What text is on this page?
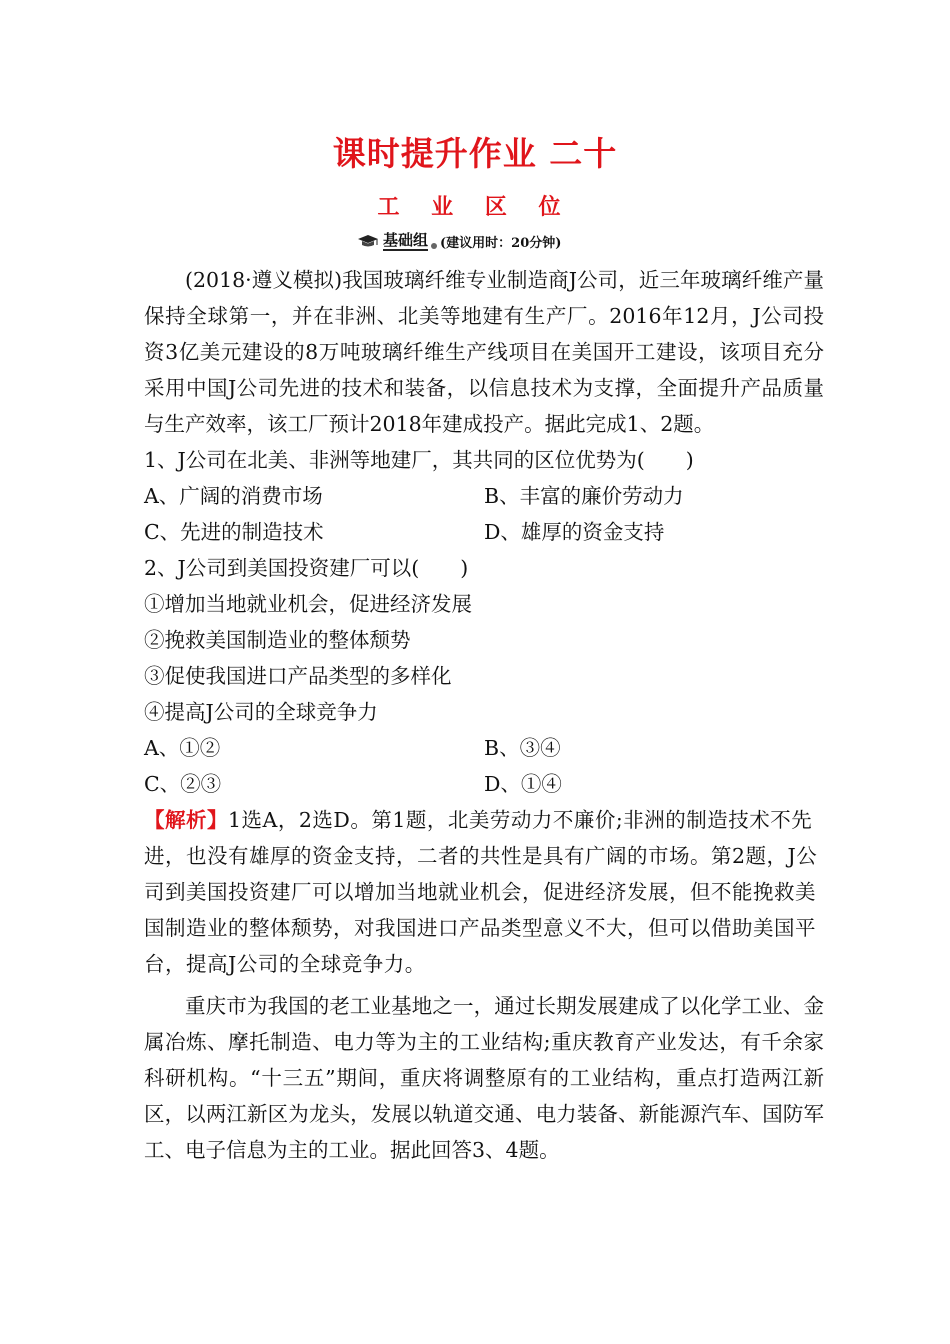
课时提升作业 二十
工 业 区 位
基础组 (建议用时：20分钟)

(2018·遵义模拟)我国玻璃纤维专业制造商J公司，近三年玻璃纤维产量保持全球第一，并在非洲、北美等地建有生产厂。2016年12月，J公司投资3亿美元建设的8万吨玻璃纤维生产线项目在美国开工建设，该项目充分采用中国J公司先进的技术和装备，以信息技术为支撑，全面提升产品质量与生产效率，该工厂预计2018年建成投产。据此完成1、2题。

1、J公司在北美、非洲等地建厂，其共同的区位优势为(　　)

A、广阔的消费市场	B、丰富的廉价劳动力
C、先进的制造技术	D、雄厚的资金支持

2、J公司到美国投资建厂可以(　　)

①增加当地就业机会，促进经济发展

②挽救美国制造业的整体颓势

③促使我国进口产品类型的多样化

④提高J公司的全球竞争力

A、①②	B、③④
C、②③	D、①④

【解析】1选A，2选D。第1题，北美劳动力不廉价;非洲的制造技术不先进，也没有雄厚的资金支持，二者的共性是具有广阔的市场。第2题，J公司到美国投资建厂可以增加当地就业机会，促进经济发展，但不能挽救美国制造业的整体颓势，对我国进口产品类型意义不大，但可以借助美国平台，提高J公司的全球竞争力。

重庆市为我国的老工业基地之一，通过长期发展建成了以化学工业、金属冶炼、摩托制造、电力等为主的工业结构;重庆教育产业发达，有千余家科研机构。“十三五”期间，重庆将调整原有的工业结构，重点打造两江新区，以两江新区为龙头，发展以轨道交通、电力装备、新能源汽车、国防军工、电子信息为主的工业。据此回答3、4题。
